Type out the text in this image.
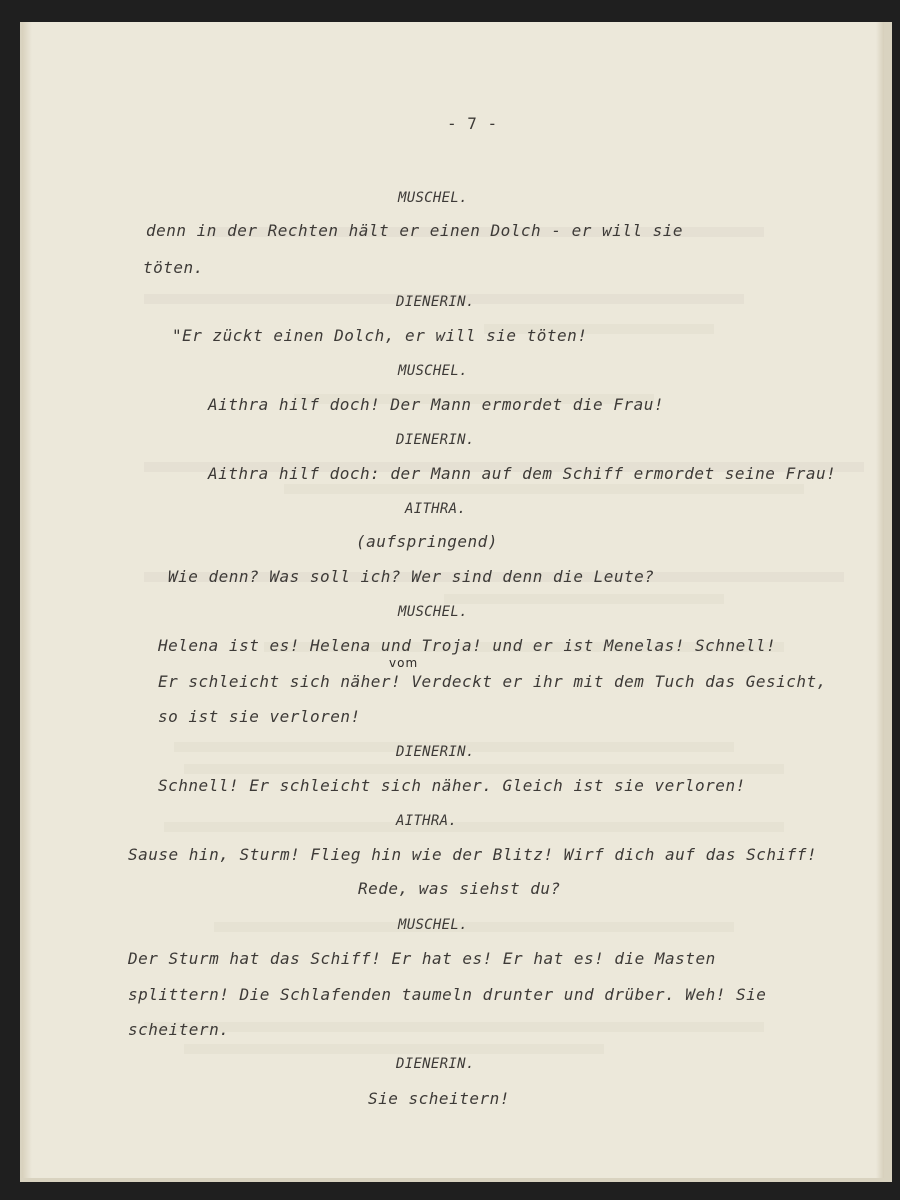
- 7 -
MUSCHEL.
denn in der Rechten hält er einen Dolch - er will sie
töten.
DIENERIN.
"Er zückt einen Dolch, er will sie töten!
MUSCHEL.
Aithra hilf doch! Der Mann ermordet die Frau!
DIENERIN.
Aithra hilf doch: der Mann auf dem Schiff ermordet seine Frau!
AITHRA.
(aufspringend)
Wie denn? Was soll ich? Wer sind denn die Leute?
MUSCHEL.
Helena ist es! Helena und Troja! und er ist Menelas! Schnell!
vom
Er schleicht sich näher! Verdeckt er ihr mit dem Tuch das Gesicht,
so ist sie verloren!
DIENERIN.
Schnell! Er schleicht sich näher. Gleich ist sie verloren!
AITHRA.
Sause hin, Sturm! Flieg hin wie der Blitz! Wirf dich auf das Schiff!
Rede, was siehst du?
MUSCHEL.
Der Sturm hat das Schiff! Er hat es! Er hat es! die Masten
splittern! Die Schlafenden taumeln drunter und drüber. Weh! Sie
scheitern.
DIENERIN.
Sie scheitern!
